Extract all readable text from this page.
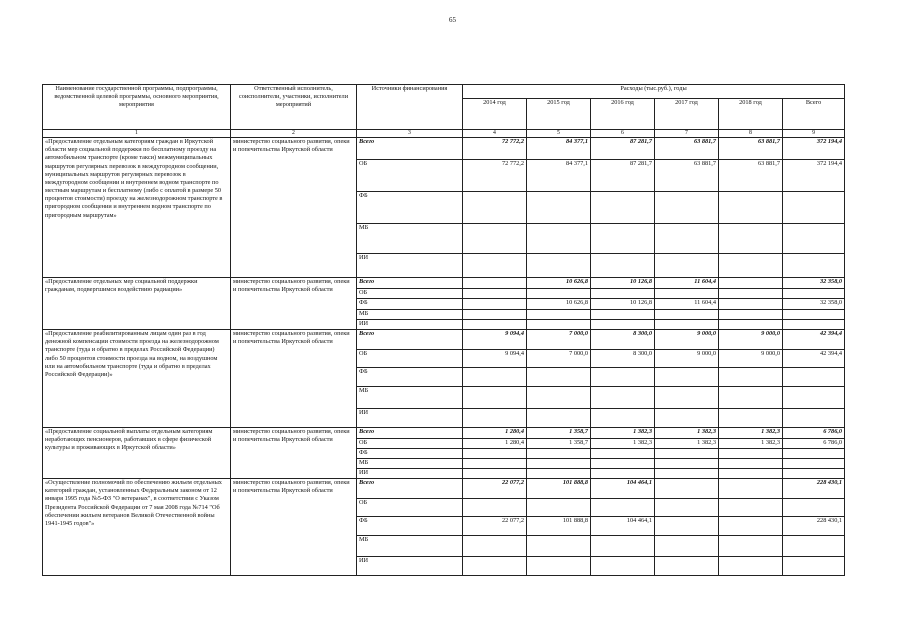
65
Наименование государственной программы, подпрограммы, ведомственной целевой программы, основного мероприятия, мероприятия	Ответственный исполнитель, соисполнители, участники, исполнители мероприятий	Источники финансирования	Расходы (тыс.руб.), годы					
			2014 год	2015 год	2016 год	2017 год	2018 год	Всего
1	2	3	4	5	6	7	8	9
«Предоставление отдельным категориям граждан в Иркутской области мер социальной поддержки по бесплатному проезду на автомобильном транспорте (кроме такси) межмуниципальных маршрутов регулярных перевозок в междугородном сообщении, муниципальных маршрутов регулярных перевозок в междугородном сообщении и внутреннем водном транспорте по местным маршрутам и бесплатному (либо с оплатой в размере 50 процентов стоимости) проезду на железнодорожном транспорте в пригородном сообщении и внутреннем водном транспорте по пригородным маршрутам»	министерство социального развития, опеки и попечительства Иркутской области	Всего	72 772,2	84 377,1	87 281,7	63 881,7	63 881,7	372 194,4
		ОБ	72 772,2	84 377,1	87 281,7	63 881,7	63 881,7	372 194,4
		ФБ						
		МБ						
		ИИ						
«Предоставление отдельных мер социальной поддержки гражданам, подвергшимся воздействию радиации»	министерство социального развития, опеки и попечительства Иркутской области	Всего		10 626,8	10 126,8	11 604,4		32 358,0
		ОБ						
		ФБ		10 626,8	10 126,8	11 604,4		32 358,0
		МБ						
		ИИ						
«Предоставление реабилитированным лицам один раз в год денежной компенсации стоимости проезда на железнодорожном транспорте (туда и обратно в пределах Российской Федерации) либо 50 процентов стоимости проезда на водном, на воздушном или на автомобильном транспорте (туда и обратно в пределах Российской Федерации)»	министерство социального развития, опеки и попечительства Иркутской области	Всего	9 094,4	7 000,0	8 300,0	9 000,0	9 000,0	42 394,4
		ОБ	9 094,4	7 000,0	8 300,0	9 000,0	9 000,0	42 394,4
		ФБ						
		МБ						
		ИИ						
«Предоставление социальной выплаты отдельным категориям неработающих пенсионеров, работавших в сфере физической культуры и проживающих в Иркутской области»	министерство социального развития, опеки и попечительства Иркутской области	Всего	1 280,4	1 358,7	1 382,3	1 382,3	1 382,3	6 786,0
		ОБ	1 280,4	1 358,7	1 382,3	1 382,3	1 382,3	6 786,0
		ФБ						
		МБ						
		ИИ						
«Осуществление полномочий по обеспечению жильем отдельных категорий граждан, установленных Федеральным законом от 12 января 1995 года №5-ФЗ "О ветеранах", в соответствии с Указом Президента Российской Федерации от 7 мая 2008 года №714 "Об обеспечении жильем ветеранов Великой Отечественной войны 1941-1945 годов"»	министерство социального развития, опеки и попечительства Иркутской области	Всего	22 077,2	101 888,8	104 464,1			228 430,1
		ОБ						
		ФБ	22 077,2	101 888,8	104 464,1			228 430,1
		МБ						
		ИИ						
